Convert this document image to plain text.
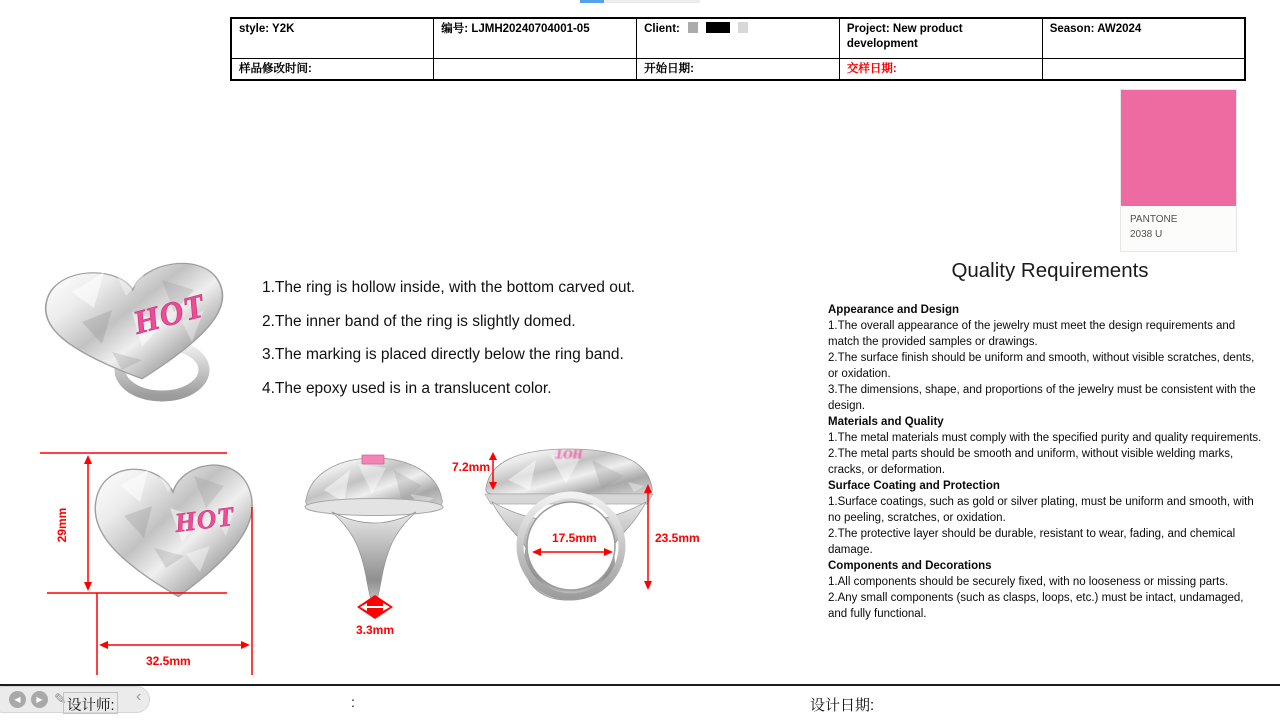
style: Y2K	编号: LJMH20240704001-05	Client:	Project: New product development	Season: AW2024
样品修改时间:		开始日期:	交样日期:	
PANTONE
2038 U
HOT
1.The ring is hollow inside, with the bottom carved out.
2.The inner band of the ring is slightly domed.
3.The marking is placed directly below the ring band.
4.The epoxy used is in a translucent color.
Quality Requirements
Appearance and Design
1.The overall appearance of the jewelry must meet the design requirements and match the provided samples or drawings.
2.The surface finish should be uniform and smooth, without visible scratches, dents, or oxidation.
3.The dimensions, shape, and proportions of the jewelry must be consistent with the design.
Materials and Quality
1.The metal materials must comply with the specified purity and quality requirements.
2.The metal parts should be smooth and uniform, without visible welding marks, cracks, or deformation.
Surface Coating and Protection
1.Surface coatings, such as gold or silver plating, must be uniform and smooth, with no peeling, scratches, or oxidation.
2.The protective layer should be durable, resistant to wear, fading, and chemical damage.
Components and Decorations
1.All components should be securely fixed, with no looseness or missing parts.
2.Any small components (such as clasps, loops, etc.) must be intact, undamaged, and fully functional.
HOT
HOT
29mm
32.5mm
7.2mm
17.5mm	23.5mm
3.3mm
◀	▶ ✎ 设计师:
‹	:	设计日期:
